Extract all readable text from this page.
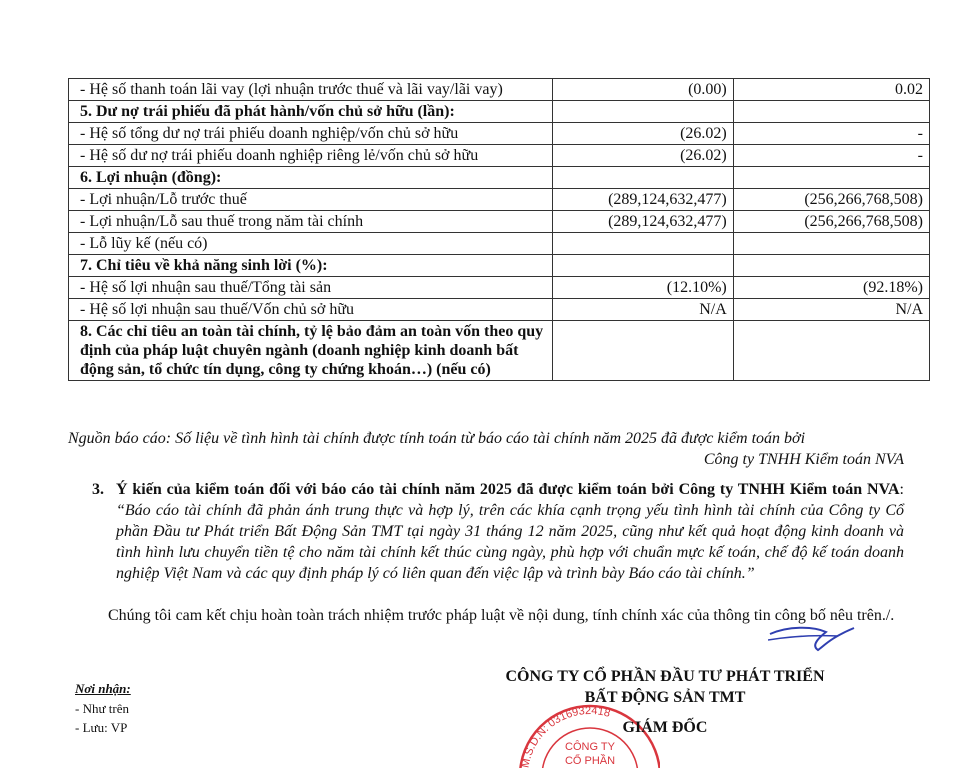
- Hệ số thanh toán lãi vay (lợi nhuận trước thuế và lãi vay/lãi vay)	(0.00)	0.02
5. Dư nợ trái phiếu đã phát hành/vốn chủ sở hữu (lần):		
- Hệ số tổng dư nợ trái phiếu doanh nghiệp/vốn chủ sở hữu	(26.02)	-
- Hệ số dư nợ trái phiếu doanh nghiệp riêng lẻ/vốn chủ sở hữu	(26.02)	-
6. Lợi nhuận (đồng):		
- Lợi nhuận/Lỗ trước thuế	(289,124,632,477)	(256,266,768,508)
- Lợi nhuận/Lỗ sau thuế trong năm tài chính	(289,124,632,477)	(256,266,768,508)
- Lỗ lũy kế (nếu có)		
7. Chỉ tiêu về khả năng sinh lời (%):		
- Hệ số lợi nhuận sau thuế/Tổng tài sản	(12.10%)	(92.18%)
- Hệ số lợi nhuận sau thuế/Vốn chủ sở hữu	N/A	N/A
8. Các chỉ tiêu an toàn tài chính, tỷ lệ bảo đảm an toàn vốn theo quy định của pháp luật chuyên ngành (doanh nghiệp kinh doanh bất động sản, tổ chức tín dụng, công ty chứng khoán…) (nếu có)		
Nguồn báo cáo: Số liệu về tình hình tài chính được tính toán từ báo cáo tài chính năm 2025 đã được kiểm toán bởi
Công ty TNHH Kiểm toán NVA
3. Ý kiến của kiểm toán đối với báo cáo tài chính năm 2025 đã được kiểm toán bởi Công ty TNHH Kiểm toán NVA: “Báo cáo tài chính đã phản ánh trung thực và hợp lý, trên các khía cạnh trọng yếu tình hình tài chính của Công ty Cổ phần Đầu tư Phát triển Bất Động Sản TMT tại ngày 31 tháng 12 năm 2025, cũng như kết quả hoạt động kinh doanh và tình hình lưu chuyển tiền tệ cho năm tài chính kết thúc cùng ngày, phù hợp với chuẩn mực kế toán, chế độ kế toán doanh nghiệp Việt Nam và các quy định pháp lý có liên quan đến việc lập và trình bày Báo cáo tài chính.”
Chúng tôi cam kết chịu hoàn toàn trách nhiệm trước pháp luật về nội dung, tính chính xác của thông tin công bố nêu trên./.
CÔNG TY CỔ PHẦN ĐẦU TƯ PHÁT TRIỂN
BẤT ĐỘNG SẢN TMT
M.S.D.N: 0316932418
CÔNG TY
CỔ PHẦN
GIÁM ĐỐC
Nơi nhận:
- Như trên
- Lưu: VP
